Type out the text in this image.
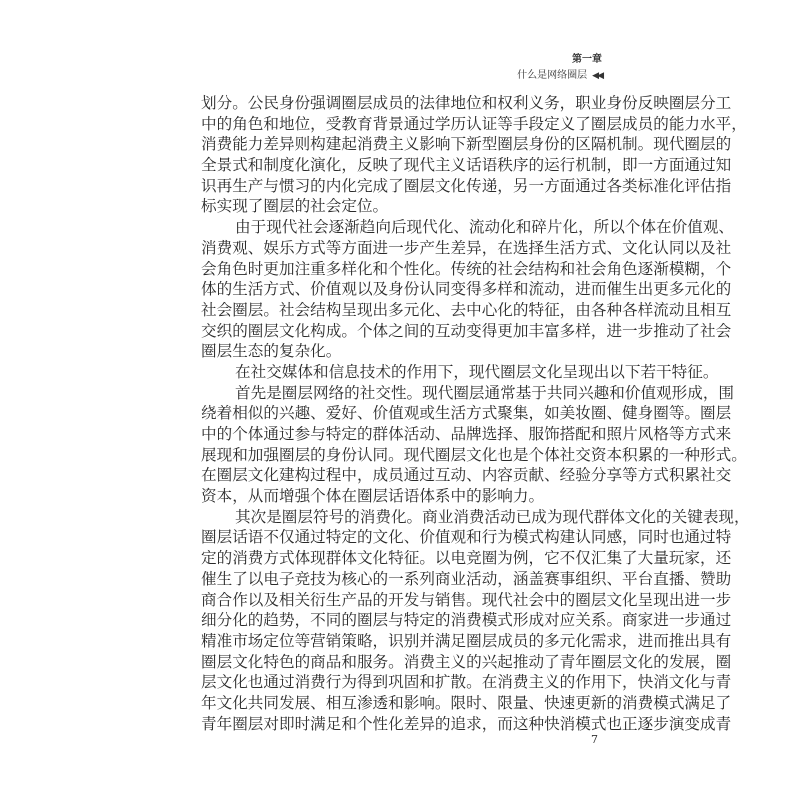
第一章
什么是网络圈层 ◀◀
划分。公民身份强调圈层成员的法律地位和权利义务，职业身份反映圈层分工
中的角色和地位，受教育背景通过学历认证等手段定义了圈层成员的能力水平，
消费能力差异则构建起消费主义影响下新型圈层身份的区隔机制。现代圈层的
全景式和制度化演化，反映了现代主义话语秩序的运行机制，即一方面通过知
识再生产与惯习的内化完成了圈层文化传递，另一方面通过各类标准化评估指
标实现了圈层的社会定位。
由于现代社会逐渐趋向后现代化、流动化和碎片化，所以个体在价值观、
消费观、娱乐方式等方面进一步产生差异，在选择生活方式、文化认同以及社
会角色时更加注重多样化和个性化。传统的社会结构和社会角色逐渐模糊，个
体的生活方式、价值观以及身份认同变得多样和流动，进而催生出更多元化的
社会圈层。社会结构呈现出多元化、去中心化的特征，由各种各样流动且相互
交织的圈层文化构成。个体之间的互动变得更加丰富多样，进一步推动了社会
圈层生态的复杂化。
在社交媒体和信息技术的作用下，现代圈层文化呈现出以下若干特征。
首先是圈层网络的社交性。现代圈层通常基于共同兴趣和价值观形成，围
绕着相似的兴趣、爱好、价值观或生活方式聚集，如美妆圈、健身圈等。圈层
中的个体通过参与特定的群体活动、品牌选择、服饰搭配和照片风格等方式来
展现和加强圈层的身份认同。现代圈层文化也是个体社交资本积累的一种形式。
在圈层文化建构过程中，成员通过互动、内容贡献、经验分享等方式积累社交
资本，从而增强个体在圈层话语体系中的影响力。
其次是圈层符号的消费化。商业消费活动已成为现代群体文化的关键表现，
圈层话语不仅通过特定的文化、价值观和行为模式构建认同感，同时也通过特
定的消费方式体现群体文化特征。以电竞圈为例，它不仅汇集了大量玩家，还
催生了以电子竞技为核心的一系列商业活动，涵盖赛事组织、平台直播、赞助
商合作以及相关衍生产品的开发与销售。现代社会中的圈层文化呈现出进一步
细分化的趋势，不同的圈层与特定的消费模式形成对应关系。商家进一步通过
精准市场定位等营销策略，识别并满足圈层成员的多元化需求，进而推出具有
圈层文化特色的商品和服务。消费主义的兴起推动了青年圈层文化的发展，圈
层文化也通过消费行为得到巩固和扩散。在消费主义的作用下，快消文化与青
年文化共同发展、相互渗透和影响。限时、限量、快速更新的消费模式满足了
青年圈层对即时满足和个性化差异的追求，而这种快消模式也正逐步演变成青
7
